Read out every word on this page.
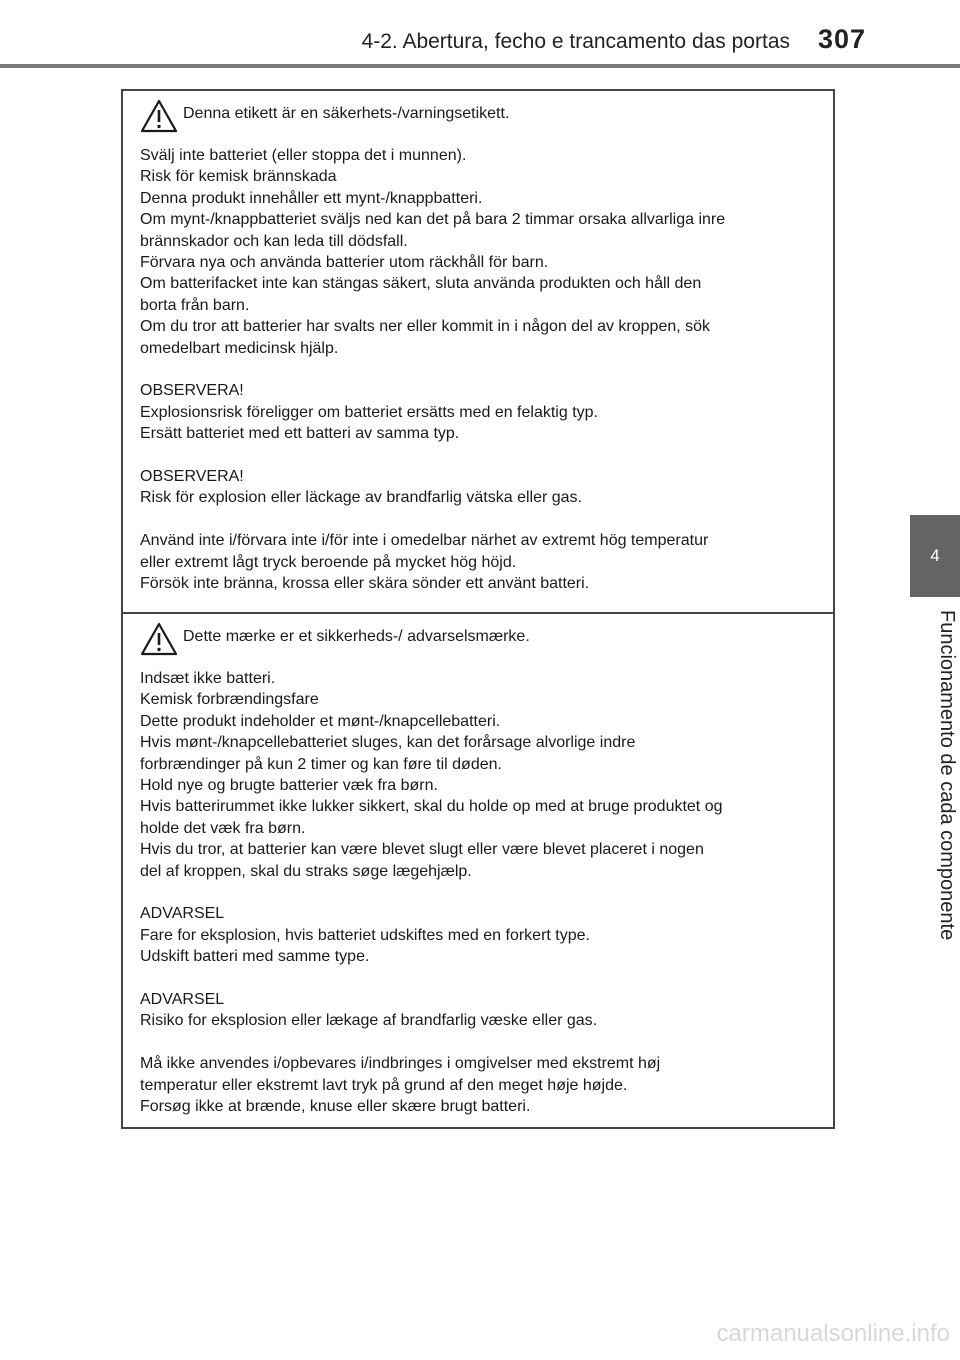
4-2. Abertura, fecho e trancamento das portas 307
4
Funcionamento de cada componente
Denna etikett är en säkerhets-/varningsetikett.
Svälj inte batteriet (eller stoppa det i munnen).
Risk för kemisk brännskada
Denna produkt innehåller ett mynt-/knappbatteri.
Om mynt-/knappbatteriet sväljs ned kan det på bara 2 timmar orsaka allvarliga inre
brännskador och kan leda till dödsfall.
Förvara nya och använda batterier utom räckhåll för barn.
Om batterifacket inte kan stängas säkert, sluta använda produkten och håll den
borta från barn.
Om du tror att batterier har svalts ner eller kommit in i någon del av kroppen, sök
omedelbart medicinsk hjälp.
OBSERVERA!
Explosionsrisk föreligger om batteriet ersätts med en felaktig typ.
Ersätt batteriet med ett batteri av samma typ.
OBSERVERA!
Risk för explosion eller läckage av brandfarlig vätska eller gas.
Använd inte i/förvara inte i/för inte i omedelbar närhet av extremt hög temperatur
eller extremt lågt tryck beroende på mycket hög höjd.
Försök inte bränna, krossa eller skära sönder ett använt batteri.
Dette mærke er et sikkerheds-/ advarselsmærke.
Indsæt ikke batteri.
Kemisk forbrændingsfare
Dette produkt indeholder et mønt-/knapcellebatteri.
Hvis mønt-/knapcellebatteriet sluges, kan det forårsage alvorlige indre
forbrændinger på kun 2 timer og kan føre til døden.
Hold nye og brugte batterier væk fra børn.
Hvis batterirummet ikke lukker sikkert, skal du holde op med at bruge produktet og
holde det væk fra børn.
Hvis du tror, at batterier kan være blevet slugt eller være blevet placeret i nogen
del af kroppen, skal du straks søge lægehjælp.
ADVARSEL
Fare for eksplosion, hvis batteriet udskiftes med en forkert type.
Udskift batteri med samme type.
ADVARSEL
Risiko for eksplosion eller lækage af brandfarlig væske eller gas.
Må ikke anvendes i/opbevares i/indbringes i omgivelser med ekstremt høj
temperatur eller ekstremt lavt tryk på grund af den meget høje højde.
Forsøg ikke at brænde, knuse eller skære brugt batteri.
carmanualsonline.info
